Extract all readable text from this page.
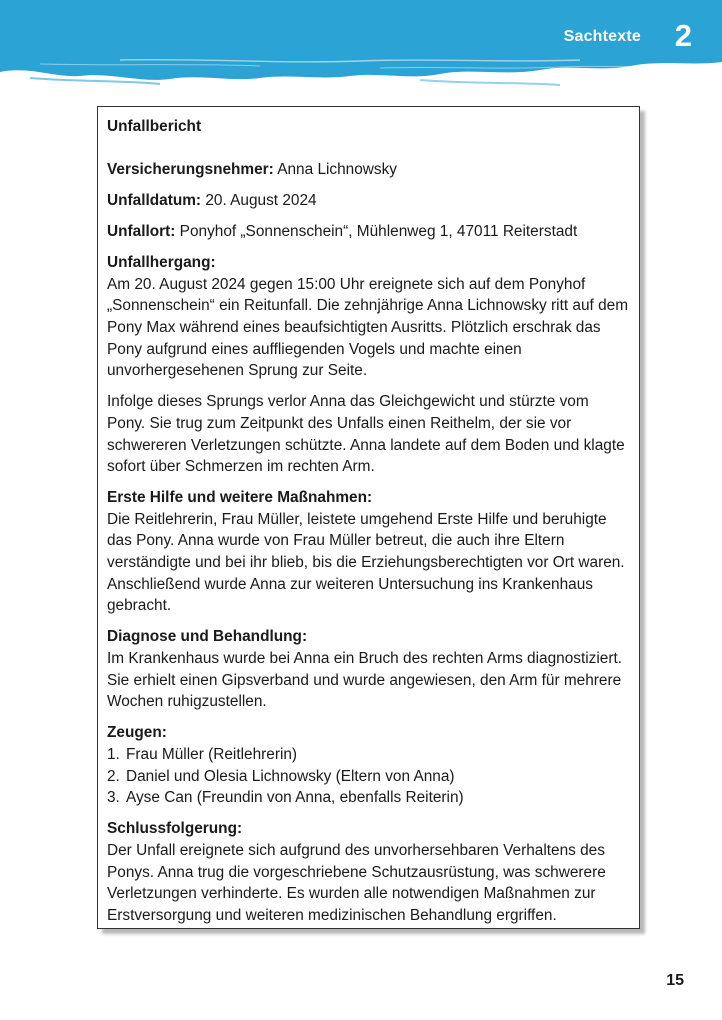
Sachtexte 2

Unfallbericht

Versicherungsnehmer: Anna Lichnowsky

Unfalldatum: 20. August 2024

Unfallort: Ponyhof „Sonnenschein“, Mühlenweg 1, 47011 Reiterstadt

Unfallhergang:

Am 20. August 2024 gegen 15:00 Uhr ereignete sich auf dem Ponyhof „Sonnenschein“ ein Reitunfall. Die zehnjährige Anna Lichnowsky ritt auf dem Pony Max während eines beaufsichtigten Ausritts. Plötzlich erschrak das Pony aufgrund eines auffliegenden Vogels und machte einen unvorhergesehenen Sprung zur Seite.

Infolge dieses Sprungs verlor Anna das Gleichgewicht und stürzte vom Pony. Sie trug zum Zeitpunkt des Unfalls einen Reithelm, der sie vor schwereren Verletzungen schützte. Anna landete auf dem Boden und klagte sofort über Schmerzen im rechten Arm.

Erste Hilfe und weitere Maßnahmen:

Die Reitlehrerin, Frau Müller, leistete umgehend Erste Hilfe und beruhigte das Pony. Anna wurde von Frau Müller betreut, die auch ihre Eltern verständigte und bei ihr blieb, bis die Erziehungsberechtigten vor Ort waren. Anschließend wurde Anna zur weiteren Untersuchung ins Krankenhaus gebracht.

Diagnose und Behandlung:

Im Krankenhaus wurde bei Anna ein Bruch des rechten Arms diagnostiziert. Sie erhielt einen Gipsverband und wurde angewiesen, den Arm für mehrere Wochen ruhigzustellen.

Zeugen:

1. Frau Müller (Reitlehrerin)
2. Daniel und Olesia Lichnowsky (Eltern von Anna)
3. Ayse Can (Freundin von Anna, ebenfalls Reiterin)

Schlussfolgerung:

Der Unfall ereignete sich aufgrund des unvorhersehbaren Verhaltens des Ponys. Anna trug die vorgeschriebene Schutzausrüstung, was schwerere Verletzungen verhinderte. Es wurden alle notwendigen Maßnahmen zur Erstversorgung und weiteren medizinischen Behandlung ergriffen.

15
